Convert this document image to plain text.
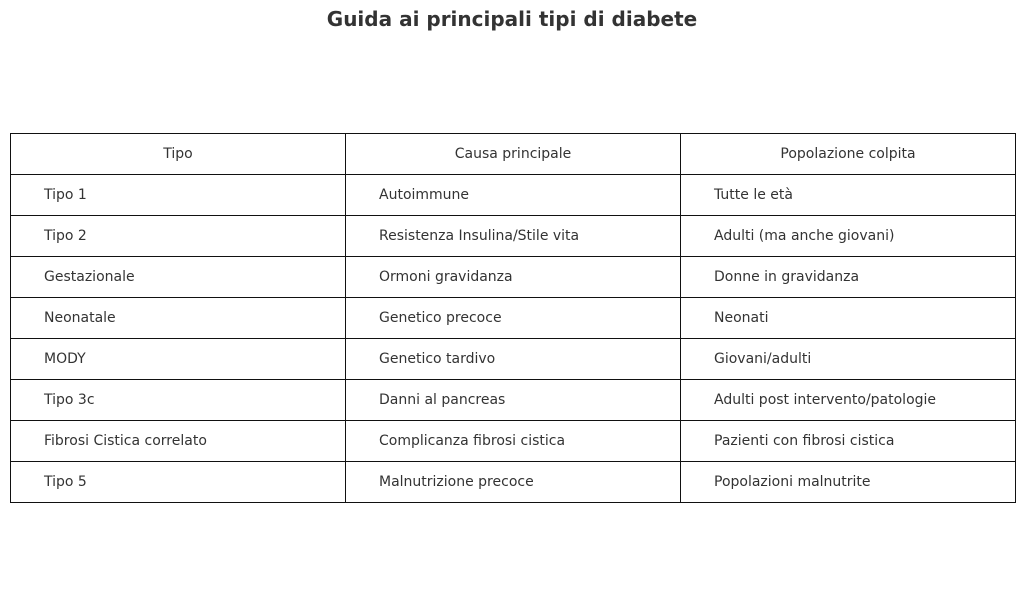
Guida ai principali tipi di diabete
Tipo	Causa principale	Popolazione colpita
Tipo 1	Autoimmune	Tutte le età
Tipo 2	Resistenza Insulina/Stile vita	Adulti (ma anche giovani)
Gestazionale	Ormoni gravidanza	Donne in gravidanza
Neonatale	Genetico precoce	Neonati
MODY	Genetico tardivo	Giovani/adulti
Tipo 3c	Danni al pancreas	Adulti post intervento/patologie
Fibrosi Cistica correlato	Complicanza fibrosi cistica	Pazienti con fibrosi cistica
Tipo 5	Malnutrizione precoce	Popolazioni malnutrite
